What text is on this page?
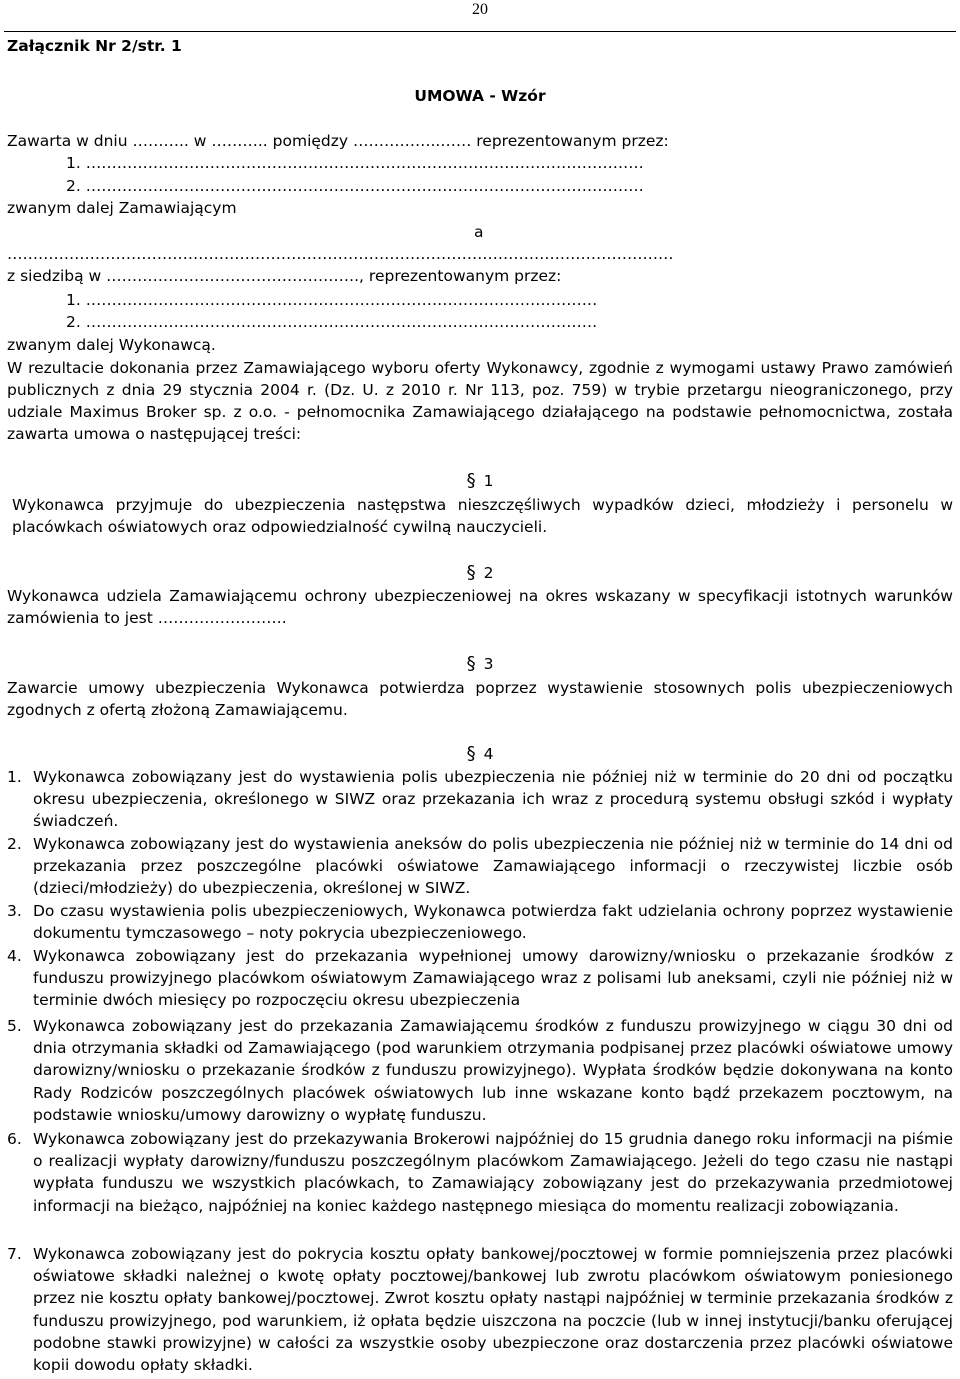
20
Załącznik Nr 2/str. 1
UMOWA - Wzór
Zawarta w dniu ……….. w ……….. pomiędzy ……………..…… reprezentowanym przez:
1. ………………………………………………………………………………………………
2. ………………………………………………………………………………………………
zwanym dalej Zamawiającym
a
…………………………………………………………………………………………………………………
z siedzibą w …………………………………………., reprezentowanym przez:
1. ………………………………………………………………………………………
2. ………………………………………………………………………………………
zwanym dalej Wykonawcą.
W rezultacie dokonania przez Zamawiającego wyboru oferty Wykonawcy, zgodnie z wymogami ustawy Prawo zamówień publicznych z dnia 29 stycznia 2004 r. (Dz. U. z 2010 r. Nr 113, poz. 759) w trybie przetargu nieograniczonego, przy udziale Maximus Broker sp. z o.o. - pełnomocnika Zamawiającego działającego na podstawie pełnomocnictwa, została zawarta umowa o następującej treści:
§ 1
Wykonawca przyjmuje do ubezpieczenia następstwa nieszczęśliwych wypadków dzieci, młodzieży i personelu w placówkach oświatowych oraz odpowiedzialność cywilną nauczycieli.
§ 2
Wykonawca udziela Zamawiającemu ochrony ubezpieczeniowej na okres wskazany w specyfikacji istotnych warunków zamówienia to jest …………………….
§ 3
Zawarcie umowy ubezpieczenia Wykonawca potwierdza poprzez wystawienie stosownych polis ubezpieczeniowych zgodnych z ofertą złożoną Zamawiającemu.
§ 4
1. Wykonawca zobowiązany jest do wystawienia polis ubezpieczenia nie później niż w terminie do 20 dni od początku okresu ubezpieczenia, określonego w SIWZ oraz przekazania ich wraz z procedurą systemu obsługi szkód i wypłaty świadczeń.
2. Wykonawca zobowiązany jest do wystawienia aneksów do polis ubezpieczenia nie później niż w terminie do 14 dni od przekazania przez poszczególne placówki oświatowe Zamawiającego informacji o rzeczywistej liczbie osób (dzieci/młodzieży) do ubezpieczenia, określonej w SIWZ.
3. Do czasu wystawienia polis ubezpieczeniowych, Wykonawca potwierdza fakt udzielania ochrony poprzez wystawienie dokumentu tymczasowego – noty pokrycia ubezpieczeniowego.
4. Wykonawca zobowiązany jest do przekazania wypełnionej umowy darowizny/wniosku o przekazanie środków z funduszu prowizyjnego placówkom oświatowym Zamawiającego wraz z polisami lub aneksami, czyli nie później niż w terminie dwóch miesięcy po rozpoczęciu okresu ubezpieczenia
5. Wykonawca zobowiązany jest do przekazania Zamawiającemu środków z funduszu prowizyjnego w ciągu 30 dni od dnia otrzymania składki od Zamawiającego (pod warunkiem otrzymania podpisanej przez placówki oświatowe umowy darowizny/wniosku o przekazanie środków z funduszu prowizyjnego). Wypłata środków będzie dokonywana na konto Rady Rodziców poszczególnych placówek oświatowych lub inne wskazane konto bądź przekazem pocztowym, na podstawie wniosku/umowy darowizny o wypłatę funduszu.
6. Wykonawca zobowiązany jest do przekazywania Brokerowi najpóźniej do 15 grudnia danego roku informacji na piśmie o realizacji wypłaty darowizny/funduszu poszczególnym placówkom Zamawiającego. Jeżeli do tego czasu nie nastąpi wypłata funduszu we wszystkich placówkach, to Zamawiający zobowiązany jest do przekazywania przedmiotowej informacji na bieżąco, najpóźniej na koniec każdego następnego miesiąca do momentu realizacji zobowiązania.
7. Wykonawca zobowiązany jest do pokrycia kosztu opłaty bankowej/pocztowej w formie pomniejszenia przez placówki oświatowe składki należnej o kwotę opłaty pocztowej/bankowej lub zwrotu placówkom oświatowym poniesionego przez nie kosztu opłaty bankowej/pocztowej. Zwrot kosztu opłaty nastąpi najpóźniej w terminie przekazania środków z funduszu prowizyjnego, pod warunkiem, iż opłata będzie uiszczona na poczcie (lub w innej instytucji/banku oferującej podobne stawki prowizyjne) w całości za wszystkie osoby ubezpieczone oraz dostarczenia przez placówki oświatowe kopii dowodu opłaty składki.
